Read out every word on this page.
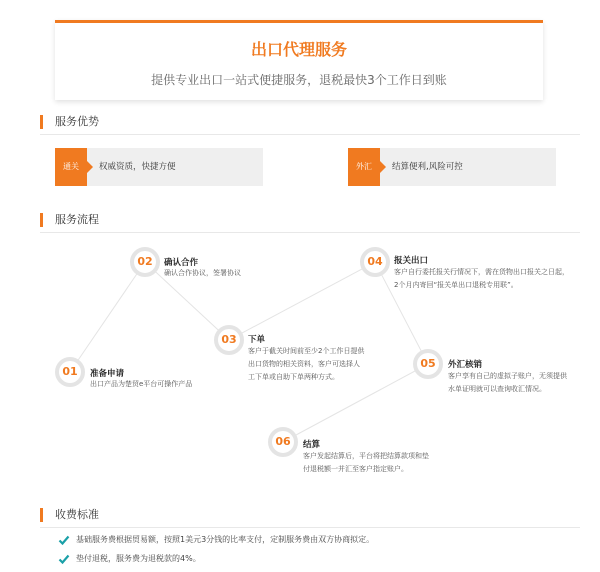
出口代理服务
提供专业出口一站式便捷服务，退税最快3个工作日到账
服务优势
通关	权威资质，快捷方便	外汇	结算便利,风险可控
服务流程
01	准备申请
出口产品为楚贸e平台可操作产品
02	确认合作
确认合作协议，签署协议
03	下单
客户于截关时间前至少2个工作日提供出口货物的相关资料，客户可选择人工下单或自助下单两种方式。
04	报关出口
客户自行委托报关行情况下，需在货物出口报关之日起，2个月内寄回“报关单出口退税专用联”。
05	外汇核销
客户享有自己的虚拟子账户，无须提供水单证明就可以查询收汇情况。
06	结算
客户发起结算后，平台将把结算款项和垫付退税额一并汇至客户指定账户。
收费标准
基础服务费根据贸易额，按照1美元3分钱的比率支付，定制服务费由双方协商拟定。
垫付退税，服务费为退税款的4%。
